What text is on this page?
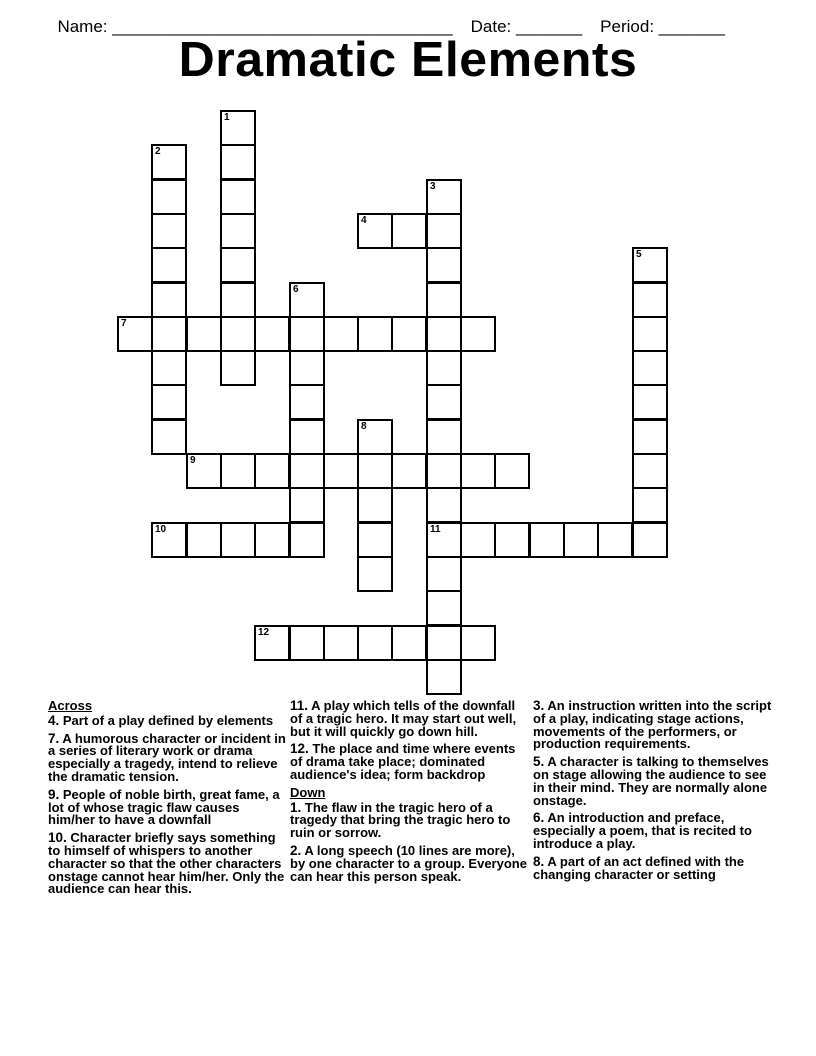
Name: ____________________________________ Date: _______ Period: _______

Dramatic Elements
1
2
3
11
4
5
6
7
8
9
10
12
Across
4. Part of a play defined by elements
7. A humorous character or incident in a series of literary work or drama especially a tragedy, intend to relieve the dramatic tension.
9. People of noble birth, great fame, a lot of whose tragic flaw causes him/her to have a downfall
10. Character briefly says something to himself of whispers to another character so that the other characters onstage cannot hear him/her. Only the audience can hear this.
11. A play which tells of the downfall of a tragic hero. It may start out well, but it will quickly go down hill.
12. The place and time where events of drama take place; dominated audience's idea; form backdrop
Down
1. The flaw in the tragic hero of a tragedy that bring the tragic hero to ruin or sorrow.
2. A long speech (10 lines are more), by one character to a group. Everyone can hear this person speak.
3. An instruction written into the script of a play, indicating stage actions, movements of the performers, or production requirements.
5. A character is talking to themselves on stage allowing the audience to see in their mind. They are normally alone onstage.
6. An introduction and preface, especially a poem, that is recited to introduce a play.
8. A part of an act defined with the changing character or setting
